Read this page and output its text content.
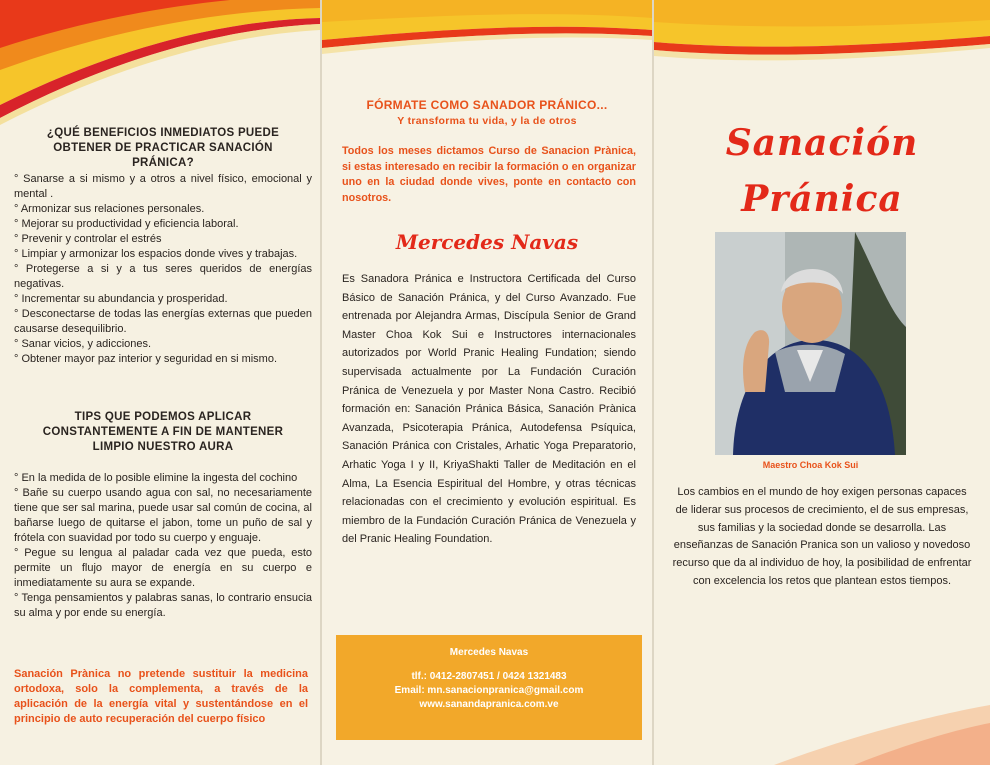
¿QUÉ BENEFICIOS INMEDIATOS PUEDE OBTENER DE PRACTICAR SANACIÓN PRÁNICA?

° Sanarse a si mismo y a otros a nivel físico, emocional y mental .
° Armonizar sus relaciones personales.
° Mejorar su productividad y eficiencia laboral.
° Prevenir y controlar el estrés
° Limpiar y armonizar los espacios donde vives y trabajas.
° Protegerse a si y a tus seres queridos de energías negativas.
° Incrementar su abundancia y prosperidad.
° Desconectarse de todas las energías externas que pueden causarse desequilibrio.
° Sanar vicios, y adicciones.
° Obtener mayor paz interior y seguridad en si mismo.

TIPS QUE PODEMOS APLICAR CONSTANTEMENTE A FIN DE MANTENER LIMPIO NUESTRO AURA

° En la medida de lo posible elimine la ingesta del cochino
° Bañe su cuerpo usando agua con sal, no necesariamente tiene que ser sal marina, puede usar sal común de cocina, al bañarse luego de quitarse el jabon, tome un puño de sal y frótela con suavidad por todo su cuerpo y enguaje.
° Pegue su lengua al paladar cada vez que pueda, esto permite un flujo mayor de energía en su cuerpo e inmediatamente su aura se expande.
° Tenga pensamientos y palabras sanas, lo contrario ensucia su alma y por ende su energía.

Sanación Prànica no pretende sustituir la medicina ortodoxa, solo la complementa, a través de la aplicación de la energía vital y sustentándose en el principio de auto recuperación del cuerpo físico

FÓRMATE COMO SANADOR PRÁNICO...

Y transforma tu vida, y la de otros

Todos los meses dictamos Curso de Sanacion Prànica, si estas interesado en recibir la formación o en organizar uno en la ciudad donde vives, ponte en contacto con nosotros.

Mercedes Navas

Es Sanadora Pránica e Instructora Certificada del Curso Básico de Sanación Pránica, y del Curso Avanzado. Fue entrenada por Alejandra Armas, Discípula Senior de Grand Master Choa Kok Sui e Instructores internacionales autorizados por World Pranic Healing Fundation; siendo supervisada actualmente por La Fundación Curación Pránica de Venezuela y por Master Nona Castro. Recibió formación en: Sanación Pránica Básica, Sanación Prànica Avanzada, Psicoterapia Pránica, Autodefensa Psíquica, Sanación Pránica con Cristales, Arhatic Yoga Preparatorio, Arhatic Yoga I y II, KriyaShakti Taller de Meditación en el Alma, La Esencia Espiritual del Hombre, y otras técnicas relacionadas con el crecimiento y evolución espiritual. Es miembro de la Fundación Curación Pránica de Venezuela y del Pranic Healing Foundation.

Mercedes Navas
tlf.: 0412-2807451 / 0424 1321483
Email: mn.sanacionpranica@gmail.com
www.sanandapranica.com.ve
Sanación
Pránica
Maestro Choa Kok Sui

Los cambios en el mundo de hoy exigen personas capaces de liderar sus procesos de crecimiento, el de sus empresas, sus familias y la sociedad donde se desarrolla. Las enseñanzas de Sanación Pranica son un valioso y novedoso recurso que da al individuo de hoy, la posibilidad de enfrentar con excelencia los retos que plantean estos tiempos.
